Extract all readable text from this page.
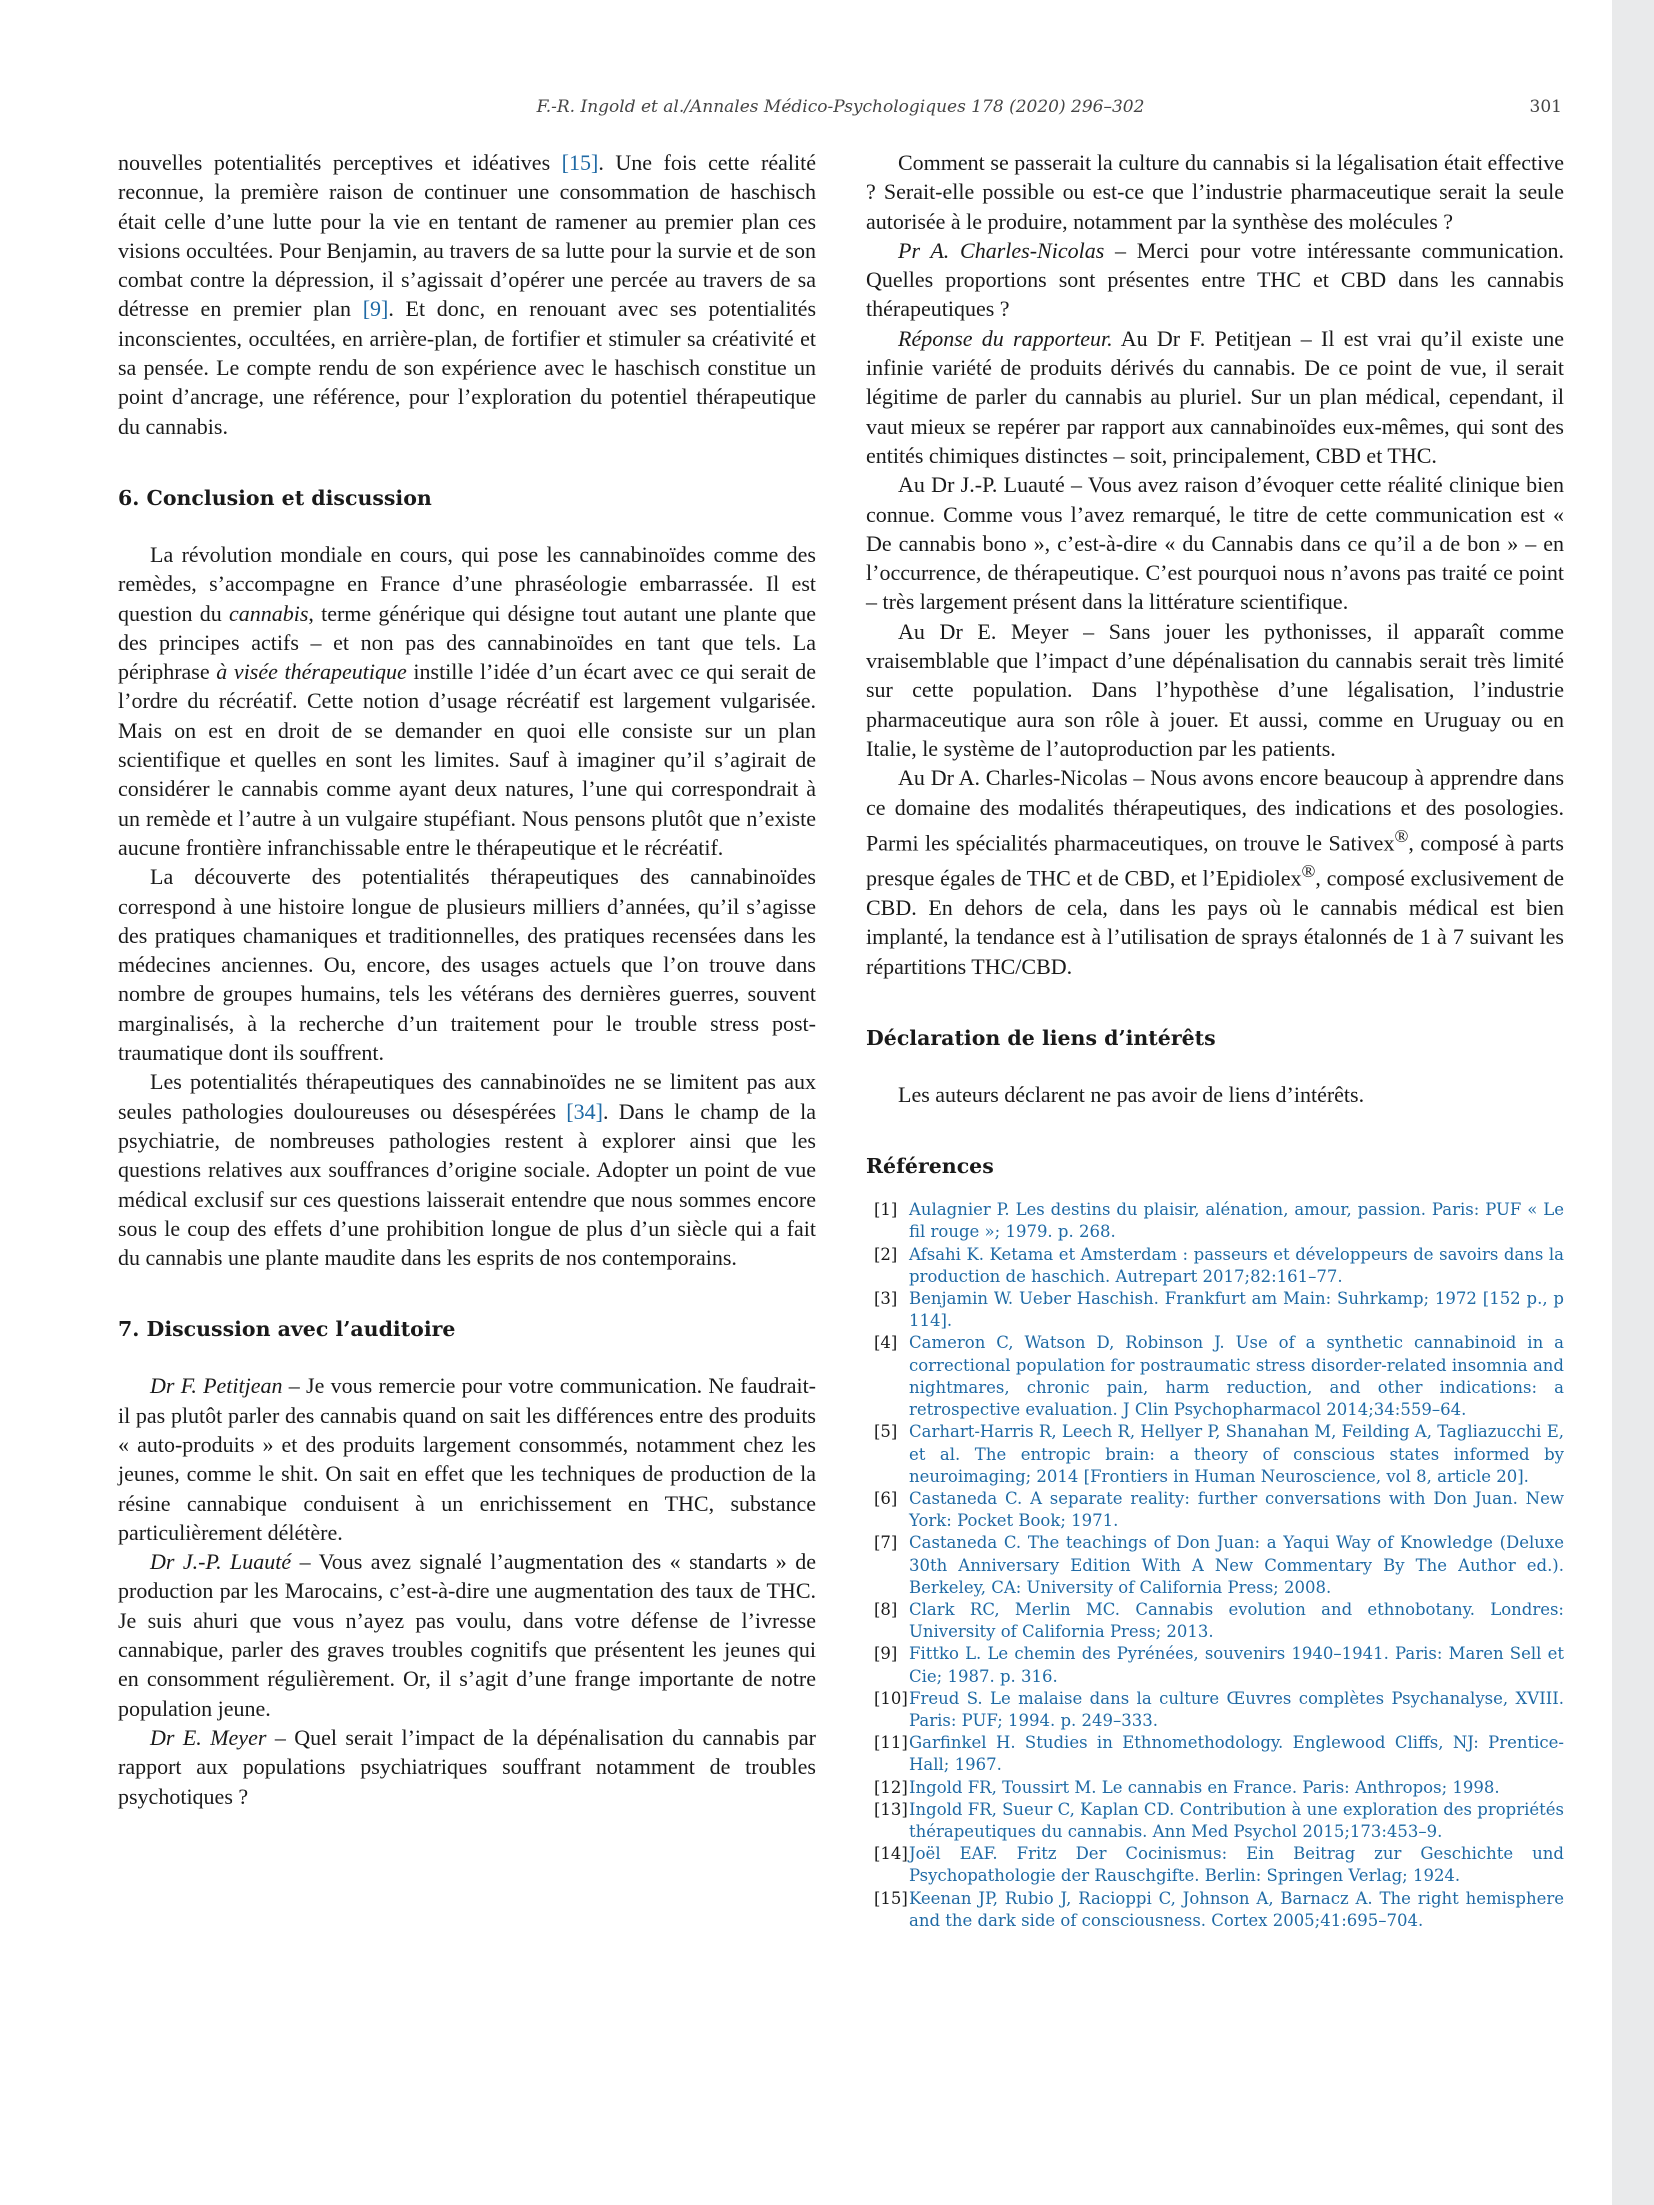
F.-R. Ingold et al./Annales Médico-Psychologiques 178 (2020) 296–302	301

nouvelles potentialités perceptives et idéatives [15]. Une fois cette réalité reconnue, la première raison de continuer une consommation de haschisch était celle d’une lutte pour la vie en tentant de ramener au premier plan ces visions occultées. Pour Benjamin, au travers de sa lutte pour la survie et de son combat contre la dépression, il s’agissait d’opérer une percée au travers de sa détresse en premier plan [9]. Et donc, en renouant avec ses potentialités inconscientes, occultées, en arrière-plan, de fortifier et stimuler sa créativité et sa pensée. Le compte rendu de son expérience avec le haschisch constitue un point d’ancrage, une référence, pour l’exploration du potentiel thérapeutique du cannabis.

6. Conclusion et discussion

La révolution mondiale en cours, qui pose les cannabinoïdes comme des remèdes, s’accompagne en France d’une phraséologie embarrassée. Il est question du cannabis, terme générique qui désigne tout autant une plante que des principes actifs – et non pas des cannabinoïdes en tant que tels. La périphrase à visée thérapeutique instille l’idée d’un écart avec ce qui serait de l’ordre du récréatif. Cette notion d’usage récréatif est largement vulgarisée. Mais on est en droit de se demander en quoi elle consiste sur un plan scientifique et quelles en sont les limites. Sauf à imaginer qu’il s’agirait de considérer le cannabis comme ayant deux natures, l’une qui correspondrait à un remède et l’autre à un vulgaire stupéfiant. Nous pensons plutôt que n’existe aucune frontière infranchissable entre le thérapeutique et le récréatif.

La découverte des potentialités thérapeutiques des cannabinoïdes correspond à une histoire longue de plusieurs milliers d’années, qu’il s’agisse des pratiques chamaniques et traditionnelles, des pratiques recensées dans les médecines anciennes. Ou, encore, des usages actuels que l’on trouve dans nombre de groupes humains, tels les vétérans des dernières guerres, souvent marginalisés, à la recherche d’un traitement pour le trouble stress post-traumatique dont ils souffrent.

Les potentialités thérapeutiques des cannabinoïdes ne se limitent pas aux seules pathologies douloureuses ou désespérées [34]. Dans le champ de la psychiatrie, de nombreuses pathologies restent à explorer ainsi que les questions relatives aux souffrances d’origine sociale. Adopter un point de vue médical exclusif sur ces questions laisserait entendre que nous sommes encore sous le coup des effets d’une prohibition longue de plus d’un siècle qui a fait du cannabis une plante maudite dans les esprits de nos contemporains.

7. Discussion avec l’auditoire

Dr F. Petitjean – Je vous remercie pour votre communication. Ne faudrait-il pas plutôt parler des cannabis quand on sait les différences entre des produits « auto-produits » et des produits largement consommés, notamment chez les jeunes, comme le shit. On sait en effet que les techniques de production de la résine cannabique conduisent à un enrichissement en THC, substance particulièrement délétère.

Dr J.-P. Luauté – Vous avez signalé l’augmentation des « standarts » de production par les Marocains, c’est-à-dire une augmentation des taux de THC. Je suis ahuri que vous n’ayez pas voulu, dans votre défense de l’ivresse cannabique, parler des graves troubles cognitifs que présentent les jeunes qui en consomment régulièrement. Or, il s’agit d’une frange importante de notre population jeune.

Dr E. Meyer – Quel serait l’impact de la dépénalisation du cannabis par rapport aux populations psychiatriques souffrant notamment de troubles psychotiques ?

Comment se passerait la culture du cannabis si la légalisation était effective ? Serait-elle possible ou est-ce que l’industrie pharmaceutique serait la seule autorisée à le produire, notamment par la synthèse des molécules ?

Pr A. Charles-Nicolas – Merci pour votre intéressante communication. Quelles proportions sont présentes entre THC et CBD dans les cannabis thérapeutiques ?

Réponse du rapporteur. Au Dr F. Petitjean – Il est vrai qu’il existe une infinie variété de produits dérivés du cannabis. De ce point de vue, il serait légitime de parler du cannabis au pluriel. Sur un plan médical, cependant, il vaut mieux se repérer par rapport aux cannabinoïdes eux-mêmes, qui sont des entités chimiques distinctes – soit, principalement, CBD et THC.

Au Dr J.-P. Luauté – Vous avez raison d’évoquer cette réalité clinique bien connue. Comme vous l’avez remarqué, le titre de cette communication est « De cannabis bono », c’est-à-dire « du Cannabis dans ce qu’il a de bon » – en l’occurrence, de thérapeutique. C’est pourquoi nous n’avons pas traité ce point – très largement présent dans la littérature scientifique.

Au Dr E. Meyer – Sans jouer les pythonisses, il apparaît comme vraisemblable que l’impact d’une dépénalisation du cannabis serait très limité sur cette population. Dans l’hypothèse d’une légalisation, l’industrie pharmaceutique aura son rôle à jouer. Et aussi, comme en Uruguay ou en Italie, le système de l’autoproduction par les patients.

Au Dr A. Charles-Nicolas – Nous avons encore beaucoup à apprendre dans ce domaine des modalités thérapeutiques, des indications et des posologies. Parmi les spécialités pharmaceutiques, on trouve le Sativex®, composé à parts presque égales de THC et de CBD, et l’Epidiolex®, composé exclusivement de CBD. En dehors de cela, dans les pays où le cannabis médical est bien implanté, la tendance est à l’utilisation de sprays étalonnés de 1 à 7 suivant les répartitions THC/CBD.

Déclaration de liens d’intérêts

Les auteurs déclarent ne pas avoir de liens d’intérêts.

Références
[1] Aulagnier P. Les destins du plaisir, alénation, amour, passion. Paris: PUF « Le fil rouge »; 1979. p. 268.
[2] Afsahi K. Ketama et Amsterdam : passeurs et développeurs de savoirs dans la production de haschich. Autrepart 2017;82:161–77.
[3] Benjamin W. Ueber Haschish. Frankfurt am Main: Suhrkamp; 1972 [152 p., p 114].
[4] Cameron C, Watson D, Robinson J. Use of a synthetic cannabinoid in a correctional population for postraumatic stress disorder-related insomnia and nightmares, chronic pain, harm reduction, and other indications: a retrospective evaluation. J Clin Psychopharmacol 2014;34:559–64.
[5] Carhart-Harris R, Leech R, Hellyer P, Shanahan M, Feilding A, Tagliazucchi E, et al. The entropic brain: a theory of conscious states informed by neuroimaging; 2014 [Frontiers in Human Neuroscience, vol 8, article 20].
[6] Castaneda C. A separate reality: further conversations with Don Juan. New York: Pocket Book; 1971.
[7] Castaneda C. The teachings of Don Juan: a Yaqui Way of Knowledge (Deluxe 30th Anniversary Edition With A New Commentary By The Author ed.). Berkeley, CA: University of California Press; 2008.
[8] Clark RC, Merlin MC. Cannabis evolution and ethnobotany. Londres: University of California Press; 2013.
[9] Fittko L. Le chemin des Pyrénées, souvenirs 1940–1941. Paris: Maren Sell et Cie; 1987. p. 316.
[10] Freud S. Le malaise dans la culture Œuvres complètes Psychanalyse, XVIII. Paris: PUF; 1994. p. 249–333.
[11] Garfinkel H. Studies in Ethnomethodology. Englewood Cliffs, NJ: Prentice-Hall; 1967.
[12] Ingold FR, Toussirt M. Le cannabis en France. Paris: Anthropos; 1998.
[13] Ingold FR, Sueur C, Kaplan CD. Contribution à une exploration des propriétés thérapeutiques du cannabis. Ann Med Psychol 2015;173:453–9.
[14] Joël EAF. Fritz Der Cocinismus: Ein Beitrag zur Geschichte und Psychopathologie der Rauschgifte. Berlin: Springen Verlag; 1924.
[15] Keenan JP, Rubio J, Racioppi C, Johnson A, Barnacz A. The right hemisphere and the dark side of consciousness. Cortex 2005;41:695–704.
